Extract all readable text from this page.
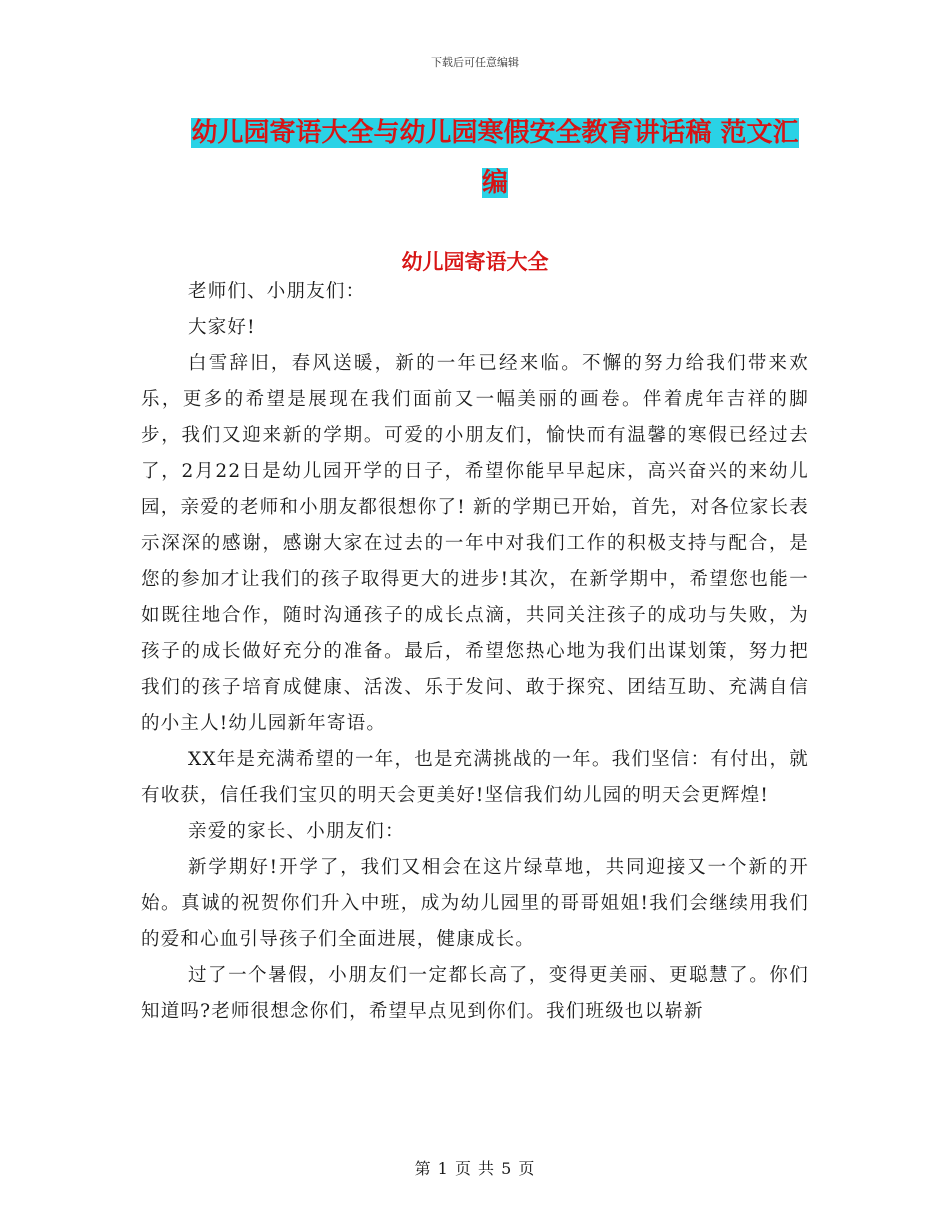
下载后可任意编辑
幼儿园寄语大全与幼儿园寒假安全教育讲话稿 范文汇
编
幼儿园寄语大全

老师们、小朋友们：

大家好!

白雪辞旧，春风送暖，新的一年已经来临。不懈的努力给我们带来欢乐，更多的希望是展现在我们面前又一幅美丽的画卷。伴着虎年吉祥的脚步，我们又迎来新的学期。可爱的小朋友们，愉快而有温馨的寒假已经过去了，2月22日是幼儿园开学的日子，希望你能早早起床，高兴奋兴的来幼儿园，亲爱的老师和小朋友都很想你了! 新的学期已开始，首先，对各位家长表示深深的感谢，感谢大家在过去的一年中对我们工作的积极支持与配合，是您的参加才让我们的孩子取得更大的进步!其次，在新学期中，希望您也能一如既往地合作，随时沟通孩子的成长点滴，共同关注孩子的成功与失败，为孩子的成长做好充分的准备。最后，希望您热心地为我们出谋划策，努力把我们的孩子培育成健康、活泼、乐于发问、敢于探究、团结互助、充满自信的小主人!幼儿园新年寄语。

XX年是充满希望的一年，也是充满挑战的一年。我们坚信：有付出，就有收获，信任我们宝贝的明天会更美好!坚信我们幼儿园的明天会更辉煌!

亲爱的家长、小朋友们：

新学期好!开学了，我们又相会在这片绿草地，共同迎接又一个新的开始。真诚的祝贺你们升入中班，成为幼儿园里的哥哥姐姐!我们会继续用我们的爱和心血引导孩子们全面进展，健康成长。

过了一个暑假，小朋友们一定都长高了，变得更美丽、更聪慧了。你们知道吗?老师很想念你们，希望早点见到你们。我们班级也以崭新

第 1 页 共 5 页
